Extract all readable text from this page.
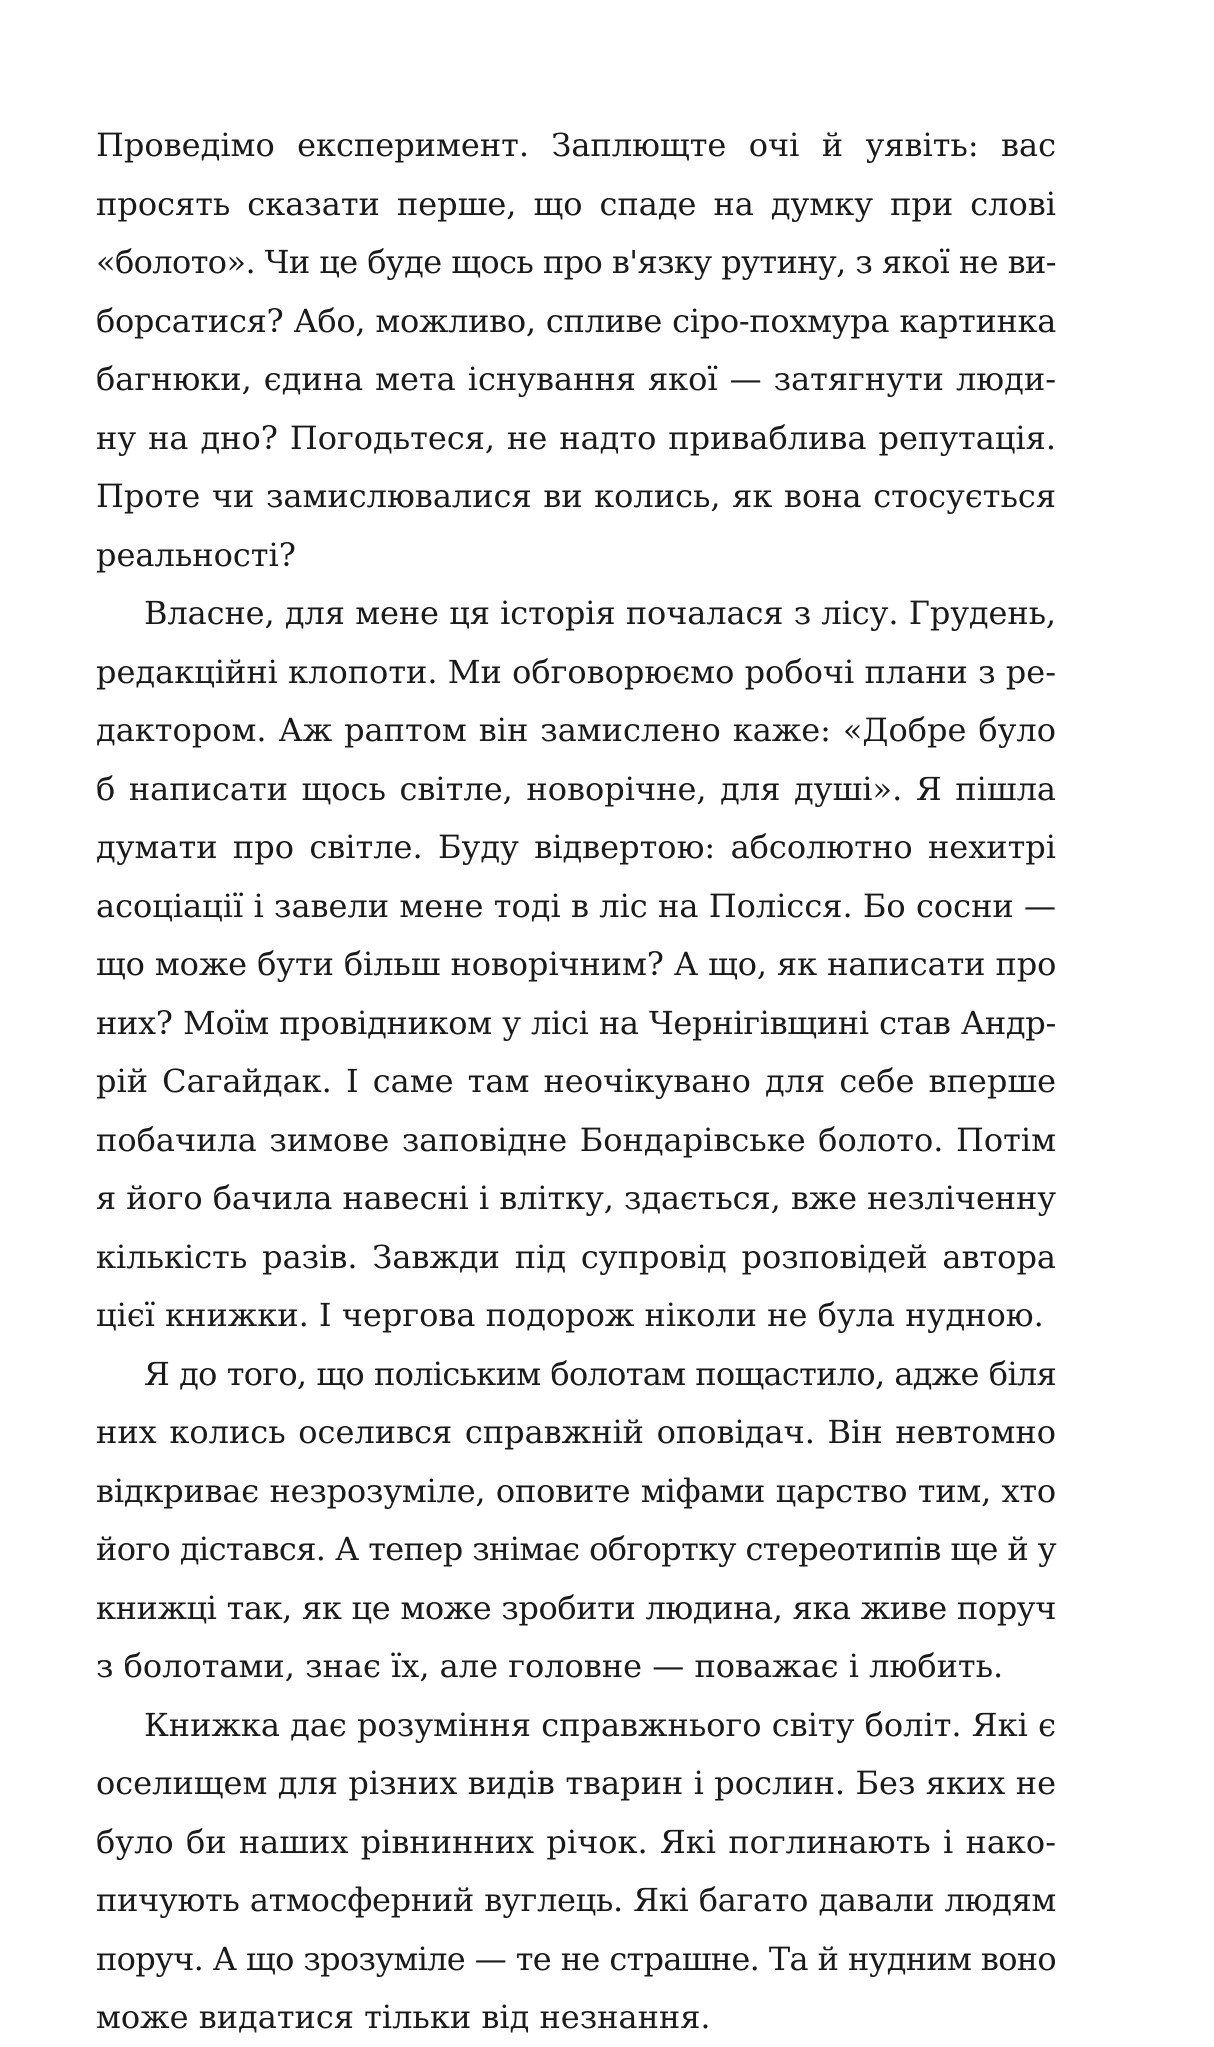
Проведімо експеримент. Заплющте очі й уявіть: вас
просять сказати перше, що спаде на думку при слові
«болото». Чи це буде щось про в'язку рутину, з якої не ви-
борсатися? Або, можливо, спливе сіро-похмура картинка
багнюки, єдина мета існування якої — затягнути люди-
ну на дно? Погодьтеся, не надто приваблива репутація.
Проте чи замислювалися ви колись, як вона стосується
реальності?

Власне, для мене ця історія почалася з лісу. Грудень,
редакційні клопоти. Ми обговорюємо робочі плани з ре-
дактором. Аж раптом він замислено каже: «Добре було
б написати щось світле, новорічне, для душі». Я пішла
думати про світле. Буду відвертою: абсолютно нехитрі
асоціації і завели мене тоді в ліс на Полісся. Бо сосни —
що може бути більш новорічним? А що, як написати про
них? Моїм провідником у лісі на Чернігівщині став Андр-
рій Сагайдак. І саме там неочікувано для себе вперше
побачила зимове заповідне Бондарівське болото. Потім
я його бачила навесні і влітку, здається, вже незліченну
кількість разів. Завжди під супровід розповідей автора
цієї книжки. І чергова подорож ніколи не була нудною.

Я до того, що поліським болотам пощастило, адже біля
них колись оселився справжній оповідач. Він невтомно
відкриває незрозуміле, оповите міфами царство тим, хто
його дістався. А тепер знімає обгортку стереотипів ще й у
книжці так, як це може зробити людина, яка живе поруч
з болотами, знає їх, але головне — поважає і любить.

Книжка дає розуміння справжнього світу боліт. Які є
оселищем для різних видів тварин і рослин. Без яких не
було би наших рівнинних річок. Які поглинають і нако-
пичують атмосферний вуглець. Які багато давали людям
поруч. А що зрозуміле — те не страшне. Та й нудним воно
може видатися тільки від незнання.
